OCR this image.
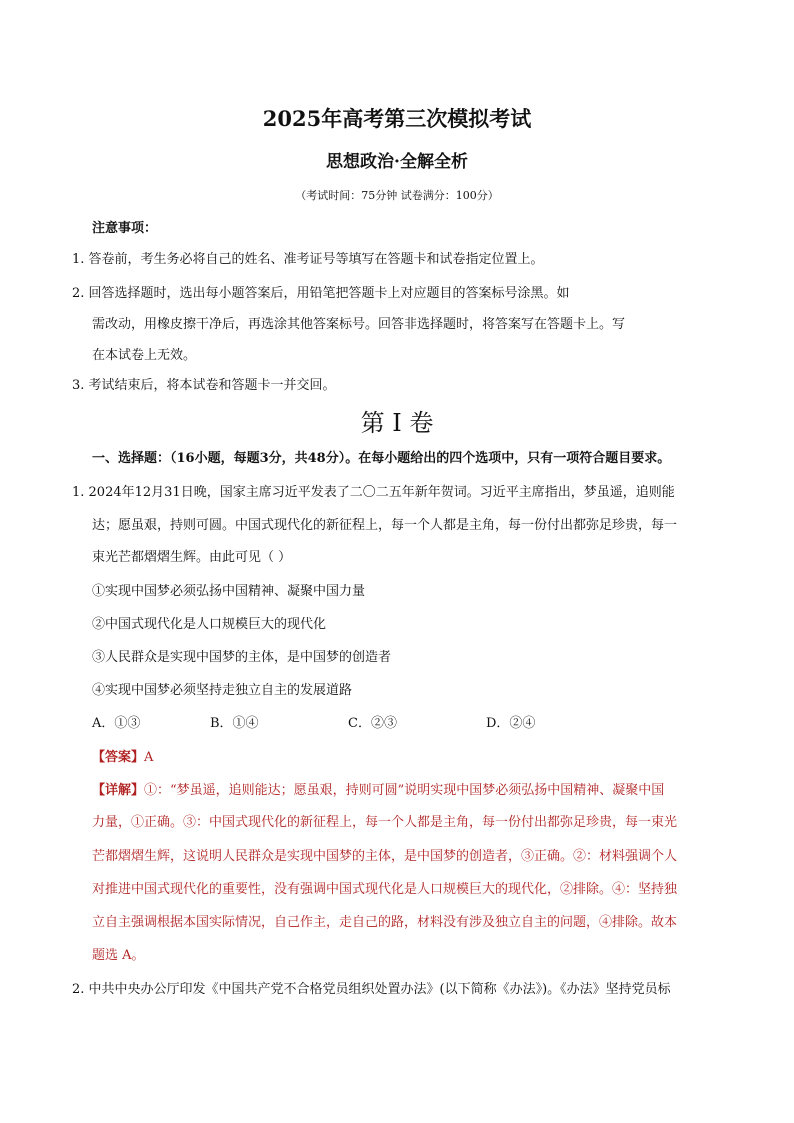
2025年高考第三次模拟考试
思想政治·全解全析
（考试时间：75分钟 试卷满分：100分）
注意事项：
1. 答卷前，考生务必将自己的姓名、准考证号等填写在答题卡和试卷指定位置上。
2. 回答选择题时，选出每小题答案后，用铅笔把答题卡上对应题目的答案标号涂黑。如
需改动，用橡皮擦干净后，再选涂其他答案标号。回答非选择题时，将答案写在答题卡上。写
在本试卷上无效。
3. 考试结束后，将本试卷和答题卡一并交回。
第 I 卷
一、选择题：（16小题，每题3分，共48分）。在每小题给出的四个选项中，只有一项符合题目要求。
1. 2024年12月31日晚，国家主席习近平发表了二〇二五年新年贺词。习近平主席指出，梦虽遥，追则能
达；愿虽艰，持则可圆。中国式现代化的新征程上，每一个人都是主角，每一份付出都弥足珍贵，每一
束光芒都熠熠生辉。由此可见（ ）
①实现中国梦必须弘扬中国精神、凝聚中国力量
②中国式现代化是人口规模巨大的现代化
③人民群众是实现中国梦的主体，是中国梦的创造者
④实现中国梦必须坚持走独立自主的发展道路
A．①③	B．①④	C．②③	D．②④
【答案】A
【详解】①：“梦虽遥，追则能达；愿虽艰，持则可圆”说明实现中国梦必须弘扬中国精神、凝聚中国
力量，①正确。③：中国式现代化的新征程上，每一个人都是主角，每一份付出都弥足珍贵，每一束光
芒都熠熠生辉，这说明人民群众是实现中国梦的主体，是中国梦的创造者，③正确。②：材料强调个人
对推进中国式现代化的重要性，没有强调中国式现代化是人口规模巨大的现代化，②排除。④：坚持独
立自主强调根据本国实际情况，自己作主，走自己的路，材料没有涉及独立自主的问题，④排除。故本
题选 A。
2. 中共中央办公厅印发《中国共产党不合格党员组织处置办法》(以下简称《办法》)。《办法》坚持党员标
